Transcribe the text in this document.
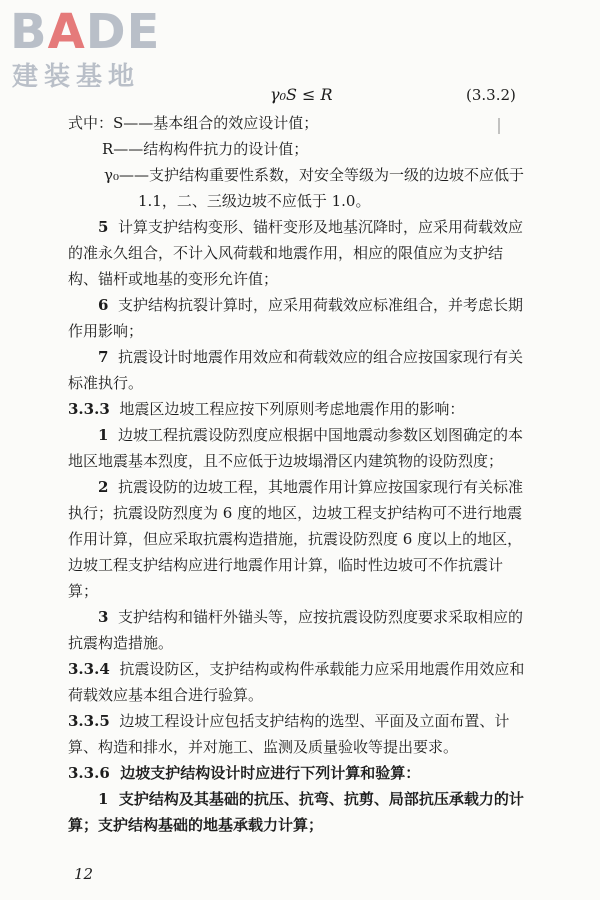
BADE
建装基地
γ₀S ≤ R	(3.3.2)

式中：S——基本组合的效应设计值；

R——结构构件抗力的设计值；

γ₀——支护结构重要性系数，对安全等级为一级的边坡不应低于 1.1，二、三级边坡不应低于 1.0。

5 计算支护结构变形、锚杆变形及地基沉降时，应采用荷载效应的准永久组合，不计入风荷载和地震作用，相应的限值应为支护结构、锚杆或地基的变形允许值；

6 支护结构抗裂计算时，应采用荷载效应标准组合，并考虑长期作用影响；

7 抗震设计时地震作用效应和荷载效应的组合应按国家现行有关标准执行。

3.3.3 地震区边坡工程应按下列原则考虑地震作用的影响：

1 边坡工程抗震设防烈度应根据中国地震动参数区划图确定的本地区地震基本烈度，且不应低于边坡塌滑区内建筑物的设防烈度；

2 抗震设防的边坡工程，其地震作用计算应按国家现行有关标准执行；抗震设防烈度为 6 度的地区，边坡工程支护结构可不进行地震作用计算，但应采取抗震构造措施，抗震设防烈度 6 度以上的地区，边坡工程支护结构应进行地震作用计算，临时性边坡可不作抗震计算；

3 支护结构和锚杆外锚头等，应按抗震设防烈度要求采取相应的抗震构造措施。

3.3.4 抗震设防区，支护结构或构件承载能力应采用地震作用效应和荷载效应基本组合进行验算。

3.3.5 边坡工程设计应包括支护结构的选型、平面及立面布置、计算、构造和排水，并对施工、监测及质量验收等提出要求。

3.3.6 边坡支护结构设计时应进行下列计算和验算：

1 支护结构及其基础的抗压、抗弯、抗剪、局部抗压承载力的计算；支护结构基础的地基承载力计算；

12
